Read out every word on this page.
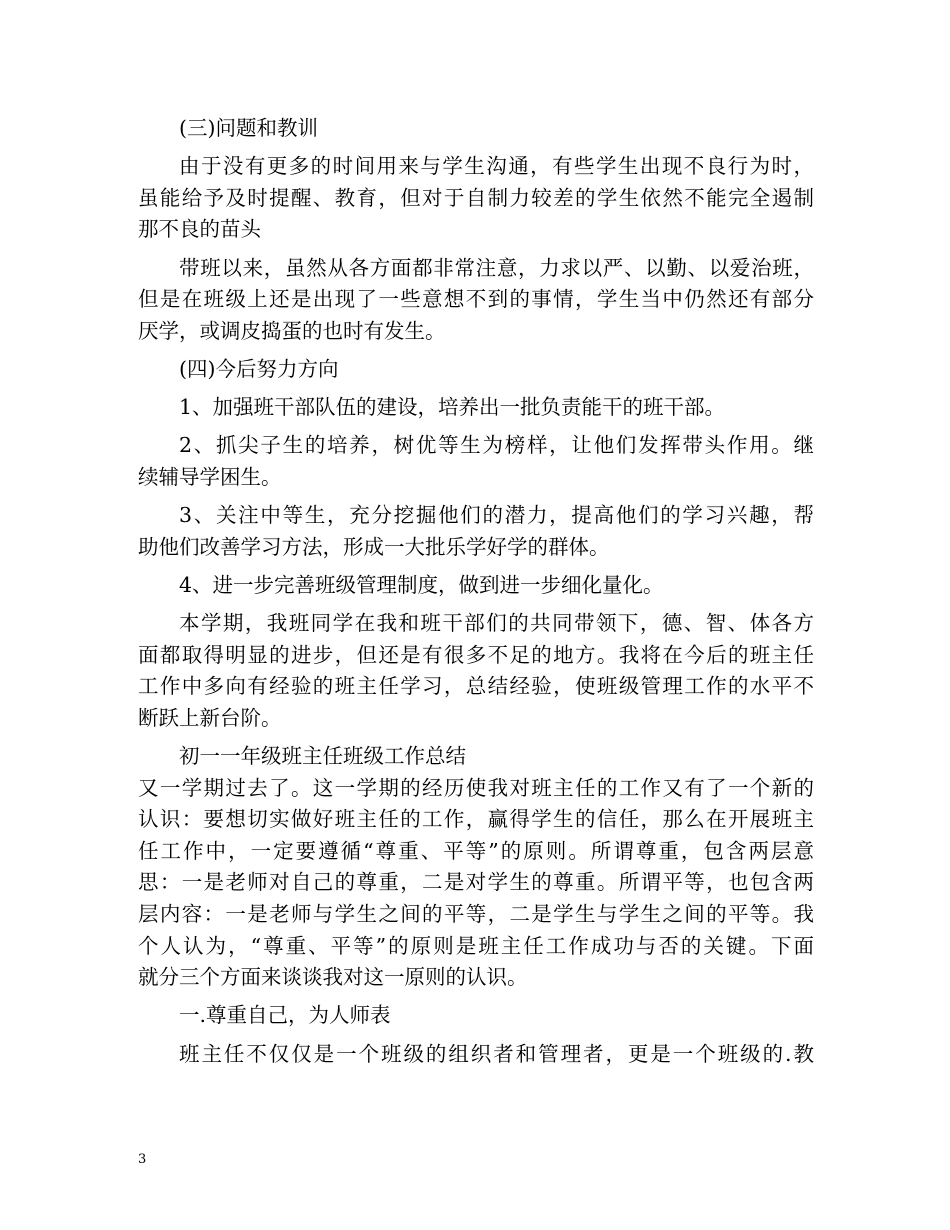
(三)问题和教训
由于没有更多的时间用来与学生沟通，有些学生出现不良行为时，
虽能给予及时提醒、教育，但对于自制力较差的学生依然不能完全遏制
那不良的苗头
带班以来，虽然从各方面都非常注意，力求以严、以勤、以爱治班，
但是在班级上还是出现了一些意想不到的事情，学生当中仍然还有部分
厌学，或调皮捣蛋的也时有发生。
(四)今后努力方向
1、加强班干部队伍的建设，培养出一批负责能干的班干部。
2、抓尖子生的培养，树优等生为榜样，让他们发挥带头作用。继
续辅导学困生。
3、关注中等生，充分挖掘他们的潜力，提高他们的学习兴趣，帮
助他们改善学习方法，形成一大批乐学好学的群体。
4、进一步完善班级管理制度，做到进一步细化量化。
本学期，我班同学在我和班干部们的共同带领下，德、智、体各方
面都取得明显的进步，但还是有很多不足的地方。我将在今后的班主任
工作中多向有经验的班主任学习，总结经验，使班级管理工作的水平不
断跃上新台阶。
初一一年级班主任班级工作总结
又一学期过去了。这一学期的经历使我对班主任的工作又有了一个新的
认识：要想切实做好班主任的工作，赢得学生的信任，那么在开展班主
任工作中，一定要遵循“尊重、平等”的原则。所谓尊重，包含两层意
思：一是老师对自己的尊重，二是对学生的尊重。所谓平等，也包含两
层内容：一是老师与学生之间的平等，二是学生与学生之间的平等。我
个人认为，“尊重、平等”的原则是班主任工作成功与否的关键。下面
就分三个方面来谈谈我对这一原则的认识。
一.尊重自己，为人师表
班主任不仅仅是一个班级的组织者和管理者，更是一个班级的.教
3
